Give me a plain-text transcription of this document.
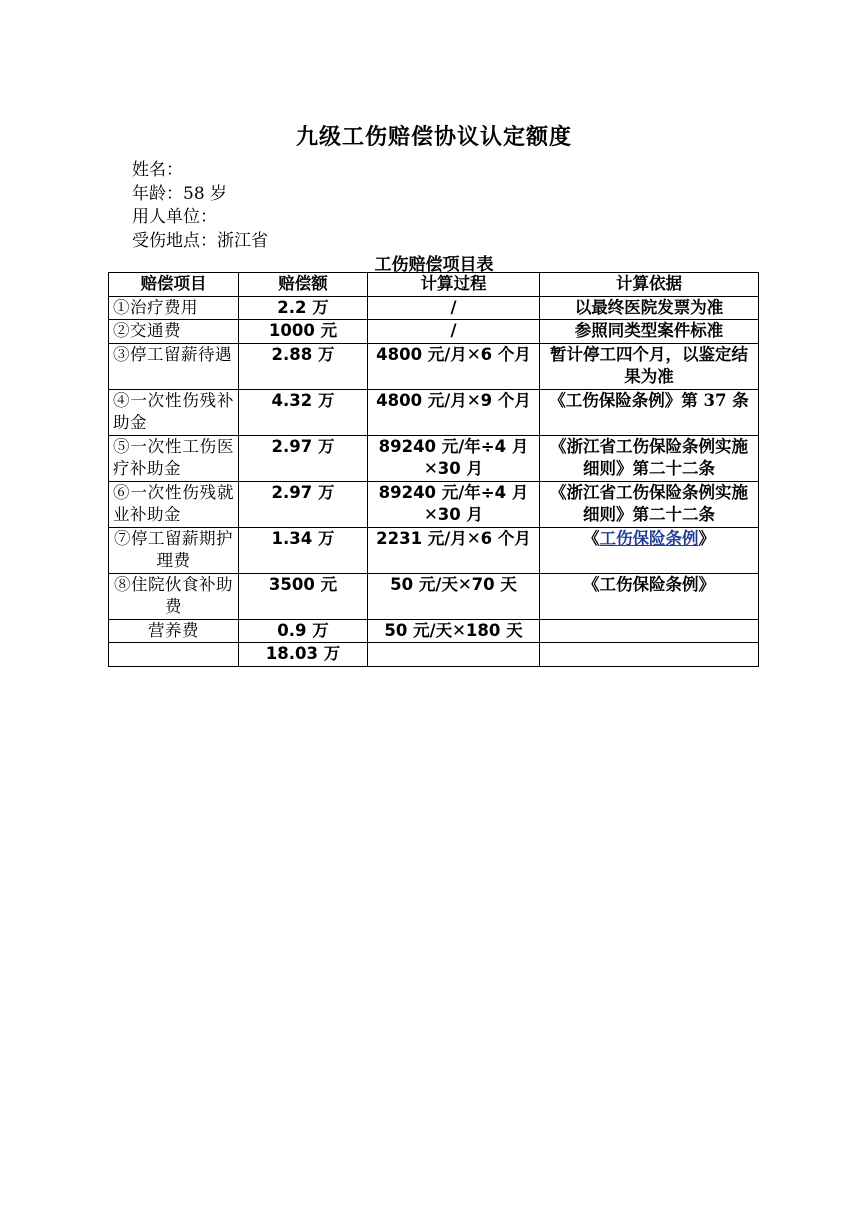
九级工伤赔偿协议认定额度
姓名：
年龄：58 岁
用人单位：
受伤地点：浙江省
工伤赔偿项目表
赔偿项目	赔偿额	计算过程	计算依据
①治疗费用	2.2 万	/	以最终医院发票为准
②交通费	1000 元	/	参照同类型案件标准
③停工留薪待遇	2.88 万	4800 元/月✕6 个月	暂计停工四个月，以鉴定结果为准
④一次性伤残补助金	4.32 万	4800 元/月✕9 个月	《工伤保险条例》第 37 条
⑤一次性工伤医疗补助金	2.97 万	89240 元/年÷4 月✕30 月	《浙江省工伤保险条例实施细则》第二十二条
⑥一次性伤残就业补助金	2.97 万	89240 元/年÷4 月✕30 月	《浙江省工伤保险条例实施细则》第二十二条
⑦停工留薪期护理费	1.34 万	2231 元/月✕6 个月	《工伤保险条例》
⑧住院伙食补助费	3500 元	50 元/天✕70 天	《工伤保险条例》
营养费	0.9 万	50 元/天✕180 天	
	18.03 万		
